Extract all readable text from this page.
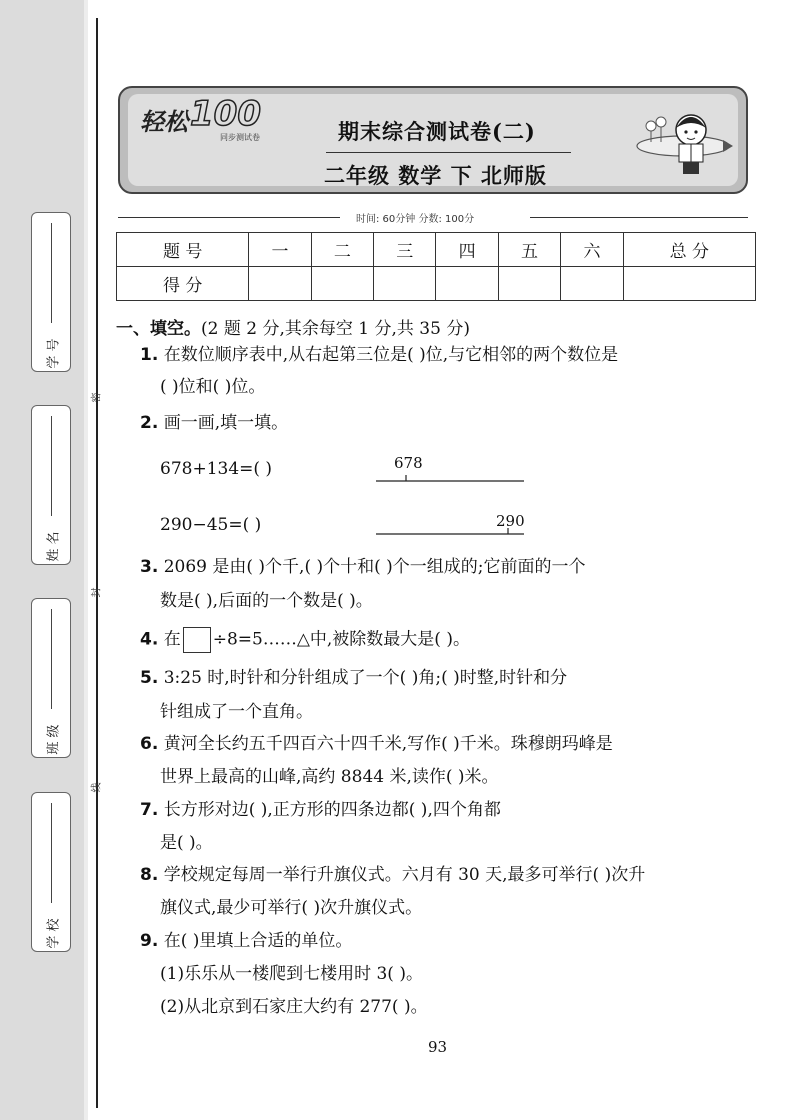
学 号
姓 名
班 级
学 校
密
封
线
轻松 100
同步测试卷	期末综合测试卷(二)
二年级 数学 下 北师版
时间: 60分钟 分数: 100分
题 号	一	二	三	四	五	六	总 分
得 分							
一、填空。(2 题 2 分,其余每空 1 分,共 35 分)
1. 在数位顺序表中,从右起第三位是( )位,与它相邻的两个数位是
( )位和( )位。
2. 画一画,填一填。
678+134=( )	678
290−45=( )	290
3. 2069 是由( )个千,( )个十和( )个一组成的;它前面的一个
数是( ),后面的一个数是( )。
4. 在 ÷8=5……△中,被除数最大是( )。
5. 3:25 时,时针和分针组成了一个( )角;( )时整,时针和分
针组成了一个直角。
6. 黄河全长约五千四百六十四千米,写作( )千米。珠穆朗玛峰是
世界上最高的山峰,高约 8844 米,读作( )米。
7. 长方形对边( ),正方形的四条边都( ),四个角都
是( )。
8. 学校规定每周一举行升旗仪式。六月有 30 天,最多可举行( )次升
旗仪式,最少可举行( )次升旗仪式。
9. 在( )里填上合适的单位。
(1)乐乐从一楼爬到七楼用时 3( )。
(2)从北京到石家庄大约有 277( )。
93
